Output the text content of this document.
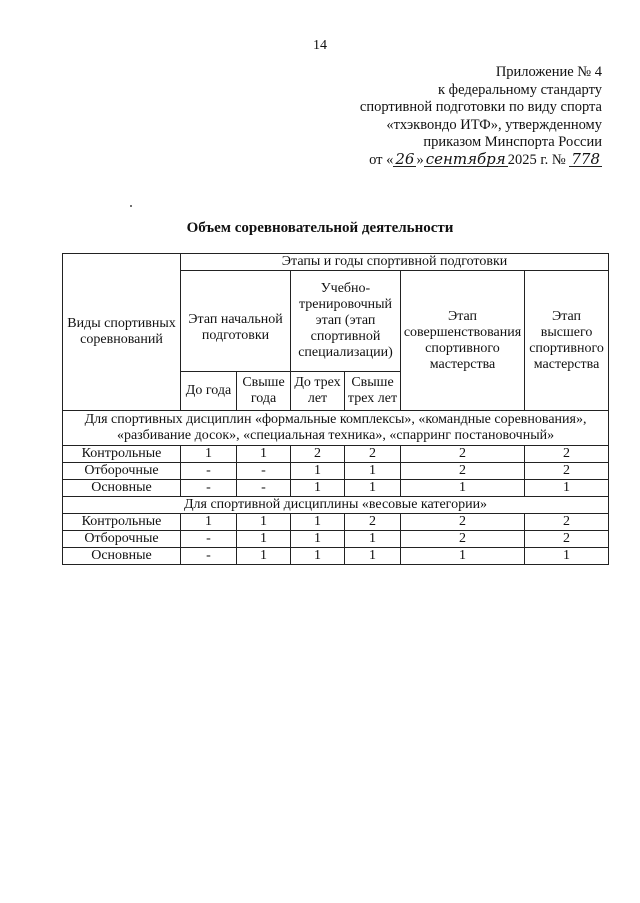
14
Приложение № 4
к федеральному стандарту
спортивной подготовки по виду спорта
«тхэквондо ИТФ», утвержденному
приказом Минспорта России
от « 26 » сентября 2025 г. № 778
Объем соревновательной деятельности
Виды спортивных соревнований	Этапы и годы спортивной подготовки					
	Этап начальной подготовки		Учебно-тренировочный этап (этап спортивной специализации)		Этап совершенствования спортивного мастерства	Этап высшего спортивного мастерства
	До года	Свыше года	До трех лет	Свыше трех лет		
Для спортивных дисциплин «формальные комплексы», «командные соревнования», «разбивание досок», «специальная техника», «спарринг постановочный»						
Контрольные	1	1	2	2	2	2
Отборочные	-	-	1	1	2	2
Основные	-	-	1	1	1	1
Для спортивной дисциплины «весовые категории»						
Контрольные	1	1	1	2	2	2
Отборочные	-	1	1	1	2	2
Основные	-	1	1	1	1	1
